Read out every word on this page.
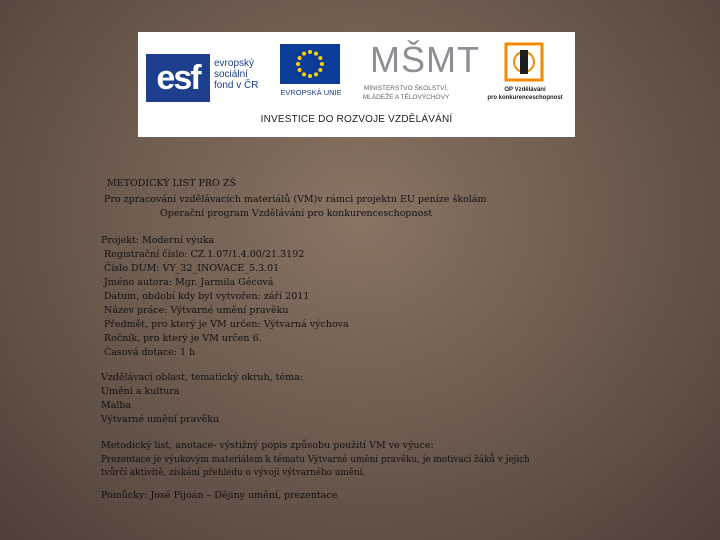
esf	evropský
sociální
fond v ČR
EVROPSKÁ UNIE
MŠMT
MINISTERSTVO ŠKOLSTVÍ,
MLÁDEŽE A TĚLOVÝCHOVY
OP Vzdělávání
pro konkurenceschopnost
INVESTICE DO ROZVOJE VZDĚLÁVÁNÍ
METODICKÝ LIST PRO ZŠ
Pro zpracování vzdělávacích materiálů (VM)v rámci projektu EU peníze školám
Operační program Vzdělávání pro konkurenceschopnost
Projekt: Moderní výuka
Registrační číslo: CZ.1.07/1.4.00/21.3192
Číslo DUM: VY_32_INOVACE_5.3.01
Jméno autora: Mgr. Jarmila Gécová
Datum, období kdy byl vytvořen: září 2011
Název práce: Výtvarné umění pravěku
Předmět, pro který je VM určen: Výtvarná výchova
Ročník, pro který je VM určen 6.
Časová dotace: 1 h
Vzdělávací oblast, tematický okruh, téma:
Umění a kultura
Malba
Výtvarné umění pravěku
Metodický list, anotace- výstižný popis způsobu použití VM ve výuce:
Prezentace je výukovým materiálem k tématu Výtvarné umění pravěku, je motivací žáků v jejich
tvůrčí aktivitě, získání přehledu o vývoji výtvarného umění.
Pomůcky: José Pijoan – Dějiny umění, prezentace
